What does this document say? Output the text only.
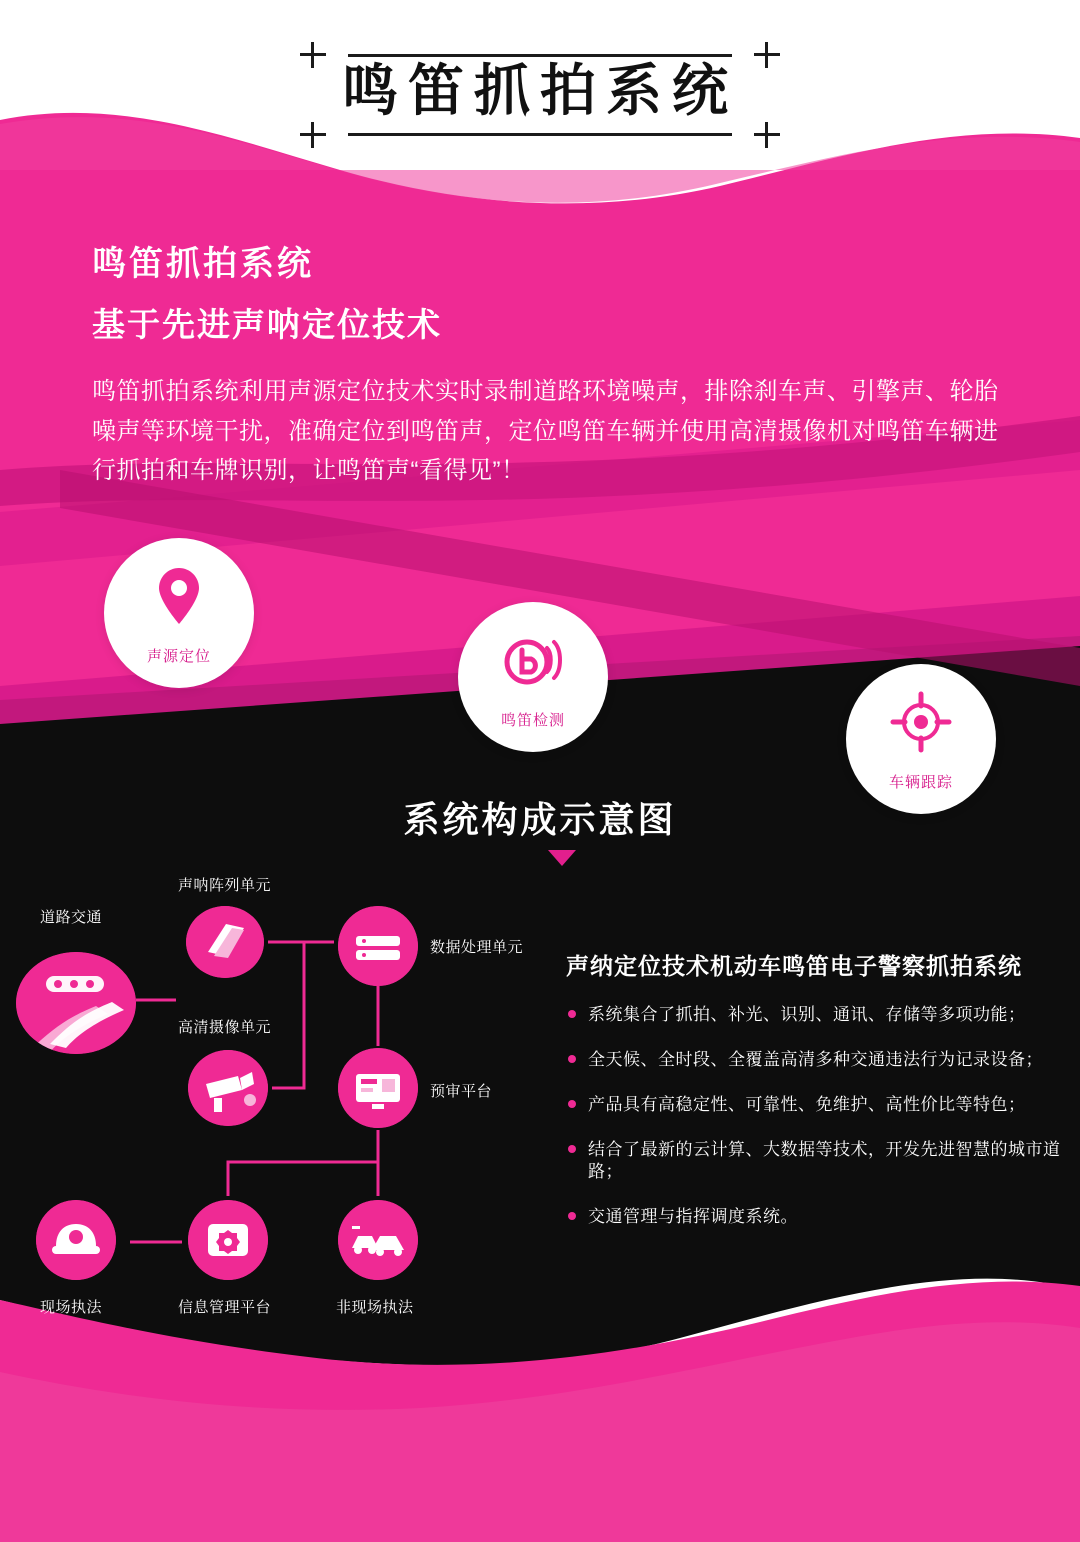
鸣笛抓拍系统
鸣笛抓拍系统
基于先进声呐定位技术

鸣笛抓拍系统利用声源定位技术实时录制道路环境噪声，排除刹车声、引擎声、轮胎噪声等环境干扰，准确定位到鸣笛声，定位鸣笛车辆并使用高清摄像机对鸣笛车辆进行抓拍和车牌识别，让鸣笛声“看得见”！

声源定位
鸣笛检测
车辆跟踪
系统构成示意图
道路交通
声呐阵列单元
数据处理单元
高清摄像单元
预审平台
现场执法	信息管理平台	非现场执法
声纳定位技术机动车鸣笛电子警察抓拍系统
系统集合了抓拍、补光、识别、通讯、存储等多项功能；
全天候、全时段、全覆盖高清多种交通违法行为记录设备；
产品具有高稳定性、可靠性、免维护、高性价比等特色；
结合了最新的云计算、大数据等技术，开发先进智慧的城市道路；
交通管理与指挥调度系统。
